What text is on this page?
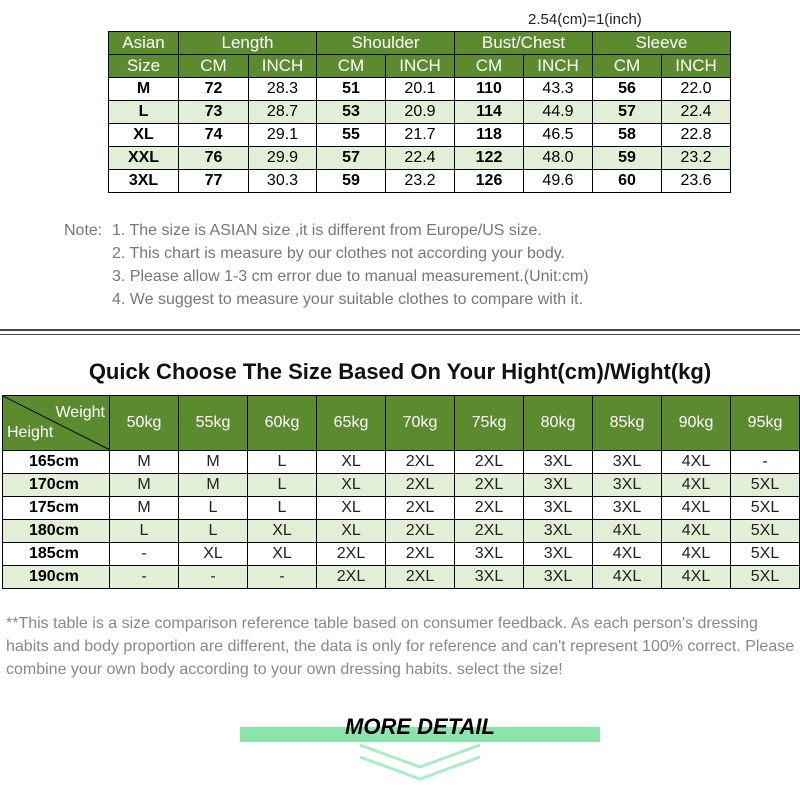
2.54(cm)=1(inch)
Asian	Length		Shoulder		Bust/Chest		Sleeve	
Size	CM	INCH	CM	INCH	CM	INCH	CM	INCH
M	72	28.3	51	20.1	110	43.3	56	22.0
L	73	28.7	53	20.9	114	44.9	57	22.4
XL	74	29.1	55	21.7	118	46.5	58	22.8
XXL	76	29.9	57	22.4	122	48.0	59	23.2
3XL	77	30.3	59	23.2	126	49.6	60	23.6
Note: 1. The size is ASIAN size ,it is different from Europe/US size.
2. This chart is measure by our clothes not according your body.
3. Please allow 1-3 cm error due to manual measurement.(Unit:cm)
4. We suggest to measure your suitable clothes to compare with it.
Quick Choose The Size Based On Your Hight(cm)/Wight(kg)
Weight
Height	50kg	55kg	60kg	65kg	70kg	75kg	80kg	85kg	90kg	95kg
165cm	M	M	L	XL	2XL	2XL	3XL	3XL	4XL	-
170cm	M	M	L	XL	2XL	2XL	3XL	3XL	4XL	5XL
175cm	M	L	L	XL	2XL	2XL	3XL	3XL	4XL	5XL
180cm	L	L	XL	XL	2XL	2XL	3XL	4XL	4XL	5XL
185cm	-	XL	XL	2XL	2XL	3XL	3XL	4XL	4XL	5XL
190cm	-	-	-	2XL	2XL	3XL	3XL	4XL	4XL	5XL
**This table is a size comparison reference table based on consumer feedback. As each person's dressing habits and body proportion are different, the data is only for reference and can't represent 100% correct. Please combine your own body according to your own dressing habits. select the size!
MORE DETAIL
